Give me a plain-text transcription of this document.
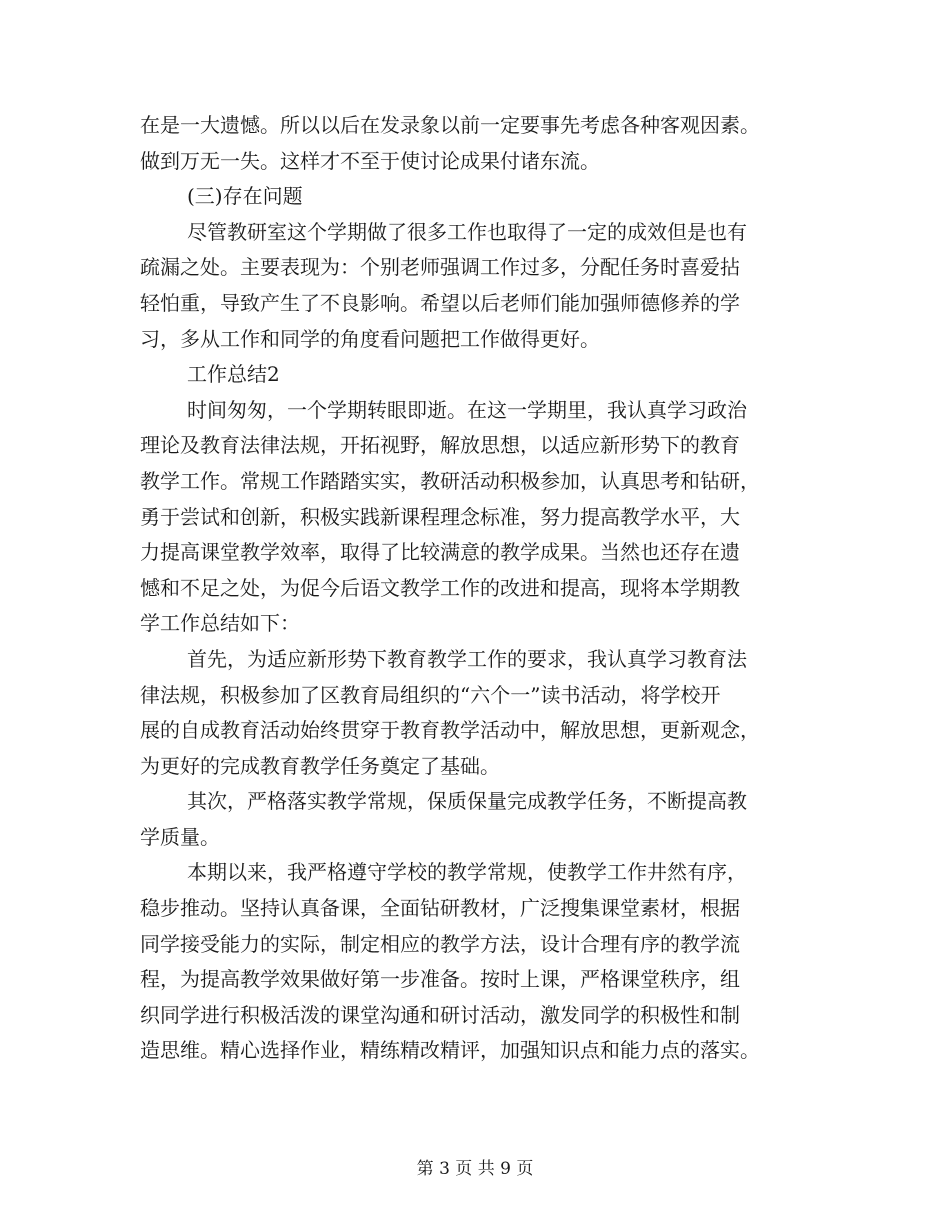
在是一大遗憾。所以以后在发录象以前一定要事先考虑各种客观因素。
做到万无一失。这样才不至于使讨论成果付诸东流。
(三)存在问题
尽管教研室这个学期做了很多工作也取得了一定的成效但是也有
疏漏之处。主要表现为：个别老师强调工作过多，分配任务时喜爱拈
轻怕重，导致产生了不良影响。希望以后老师们能加强师德修养的学
习，多从工作和同学的角度看问题把工作做得更好。
工作总结2
时间匆匆，一个学期转眼即逝。在这一学期里，我认真学习政治
理论及教育法律法规，开拓视野，解放思想，以适应新形势下的教育
教学工作。常规工作踏踏实实，教研活动积极参加，认真思考和钻研，
勇于尝试和创新，积极实践新课程理念标准，努力提高教学水平，大
力提高课堂教学效率，取得了比较满意的教学成果。当然也还存在遗
憾和不足之处，为促今后语文教学工作的改进和提高，现将本学期教
学工作总结如下：
首先，为适应新形势下教育教学工作的要求，我认真学习教育法
律法规，积极参加了区教育局组织的“六个一”读书活动，将学校开
展的自成教育活动始终贯穿于教育教学活动中，解放思想，更新观念，
为更好的完成教育教学任务奠定了基础。
其次，严格落实教学常规，保质保量完成教学任务，不断提高教
学质量。
本期以来，我严格遵守学校的教学常规，使教学工作井然有序，
稳步推动。坚持认真备课，全面钻研教材，广泛搜集课堂素材，根据
同学接受能力的实际，制定相应的教学方法，设计合理有序的教学流
程，为提高教学效果做好第一步准备。按时上课，严格课堂秩序，组
织同学进行积极活泼的课堂沟通和研讨活动，激发同学的积极性和制
造思维。精心选择作业，精练精改精评，加强知识点和能力点的落实。
第 3 页 共 9 页
